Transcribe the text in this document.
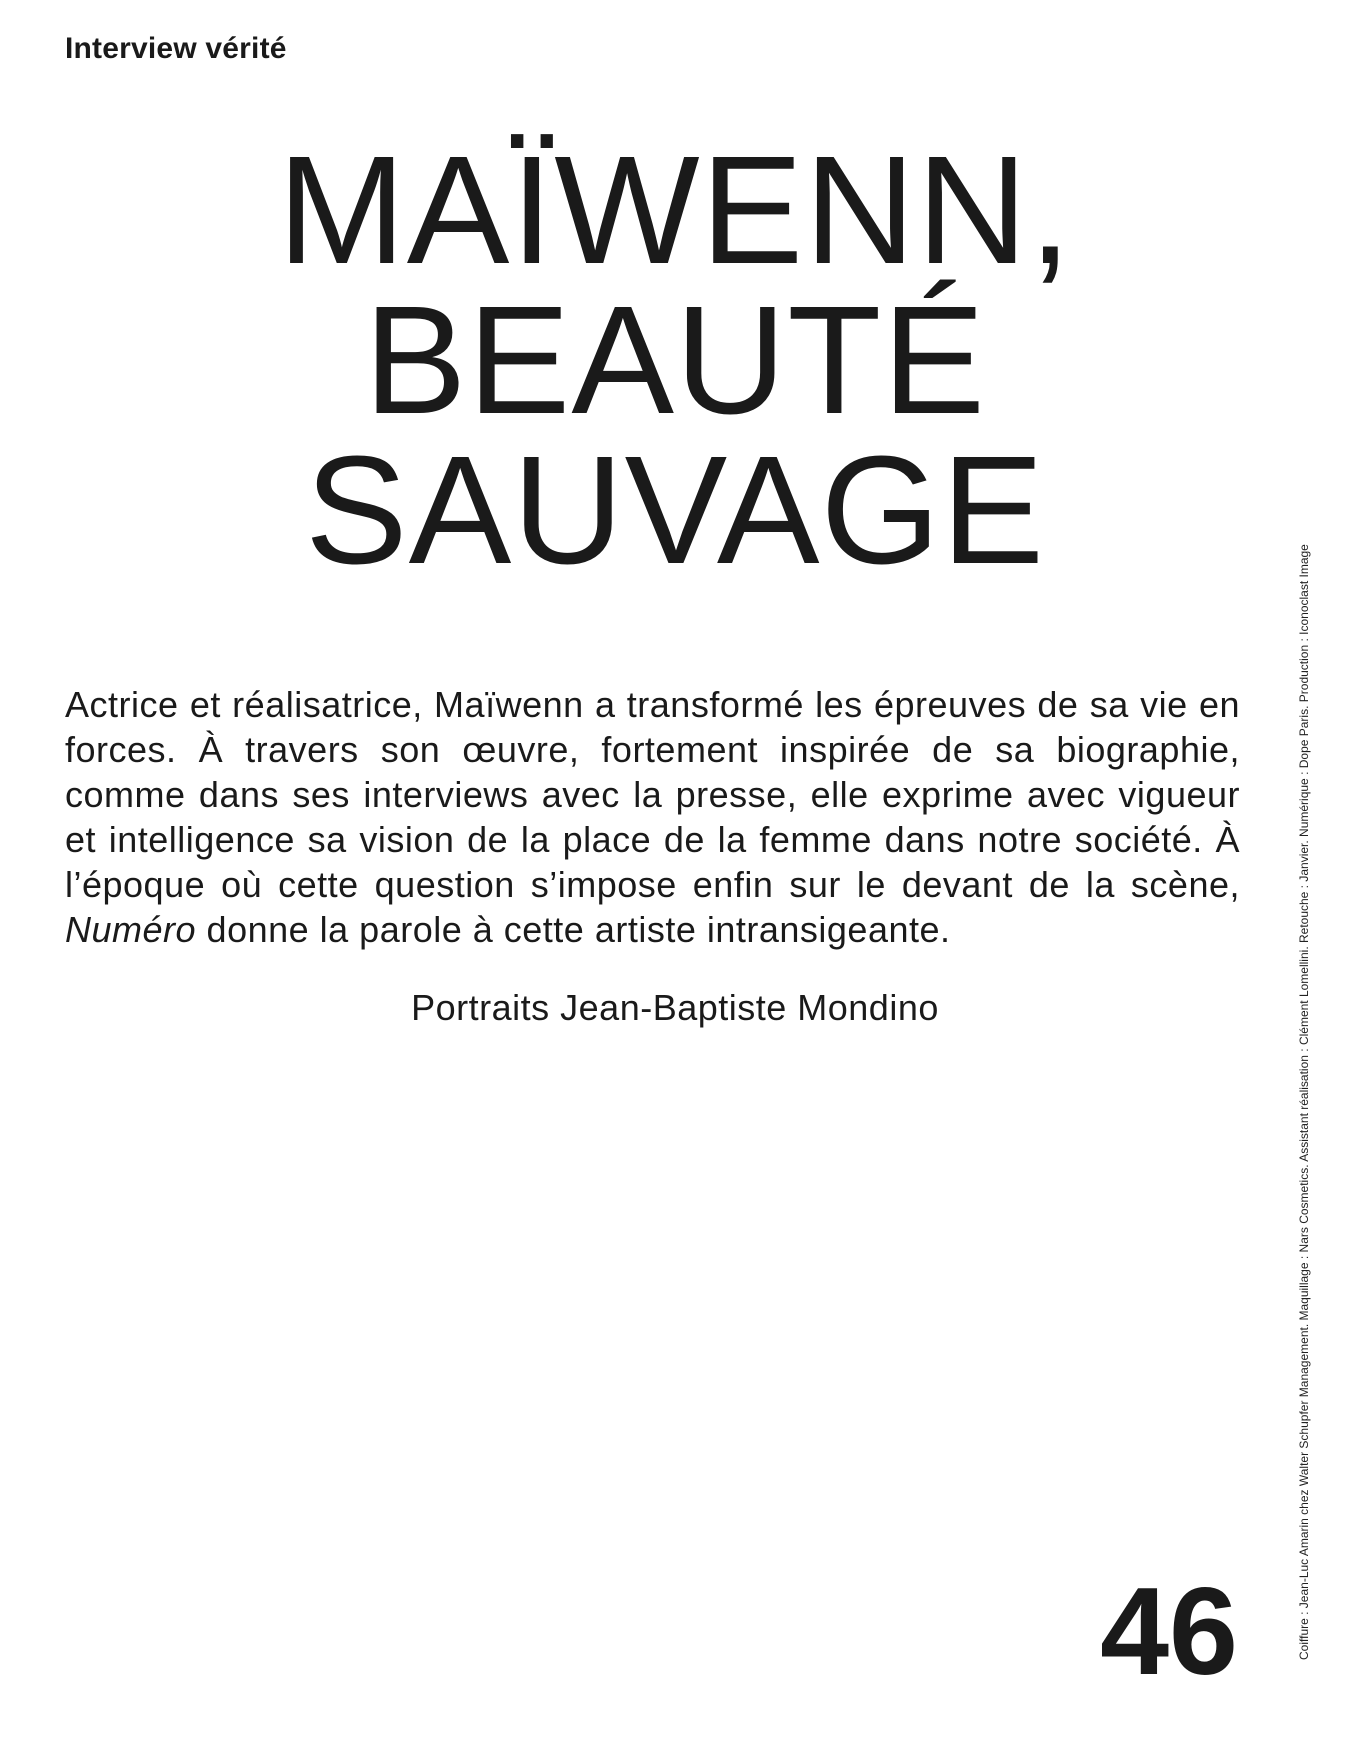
Interview vérité
MAÏWENN,
BEAUTÉ
SAUVAGE

Actrice et réalisatrice, Maïwenn a transformé les épreuves de sa vie en forces. À travers son œuvre, fortement inspirée de sa biographie, comme dans ses interviews avec la presse, elle exprime avec vigueur et intelligence sa vision de la place de la femme dans notre société. À l’époque où cette question s’impose enfin sur le devant de la scène, Numéro donne la parole à cette artiste intransigeante.

Portraits Jean-Baptiste Mondino
46	Coiffure : Jean-Luc Amarin chez Walter Schupfer Management. Maquillage : Nars Cosmetics. Assistant réalisation : Clément Lomellini. Retouche : Janvier. Numérique : Dope Paris. Production : Iconoclast Image
